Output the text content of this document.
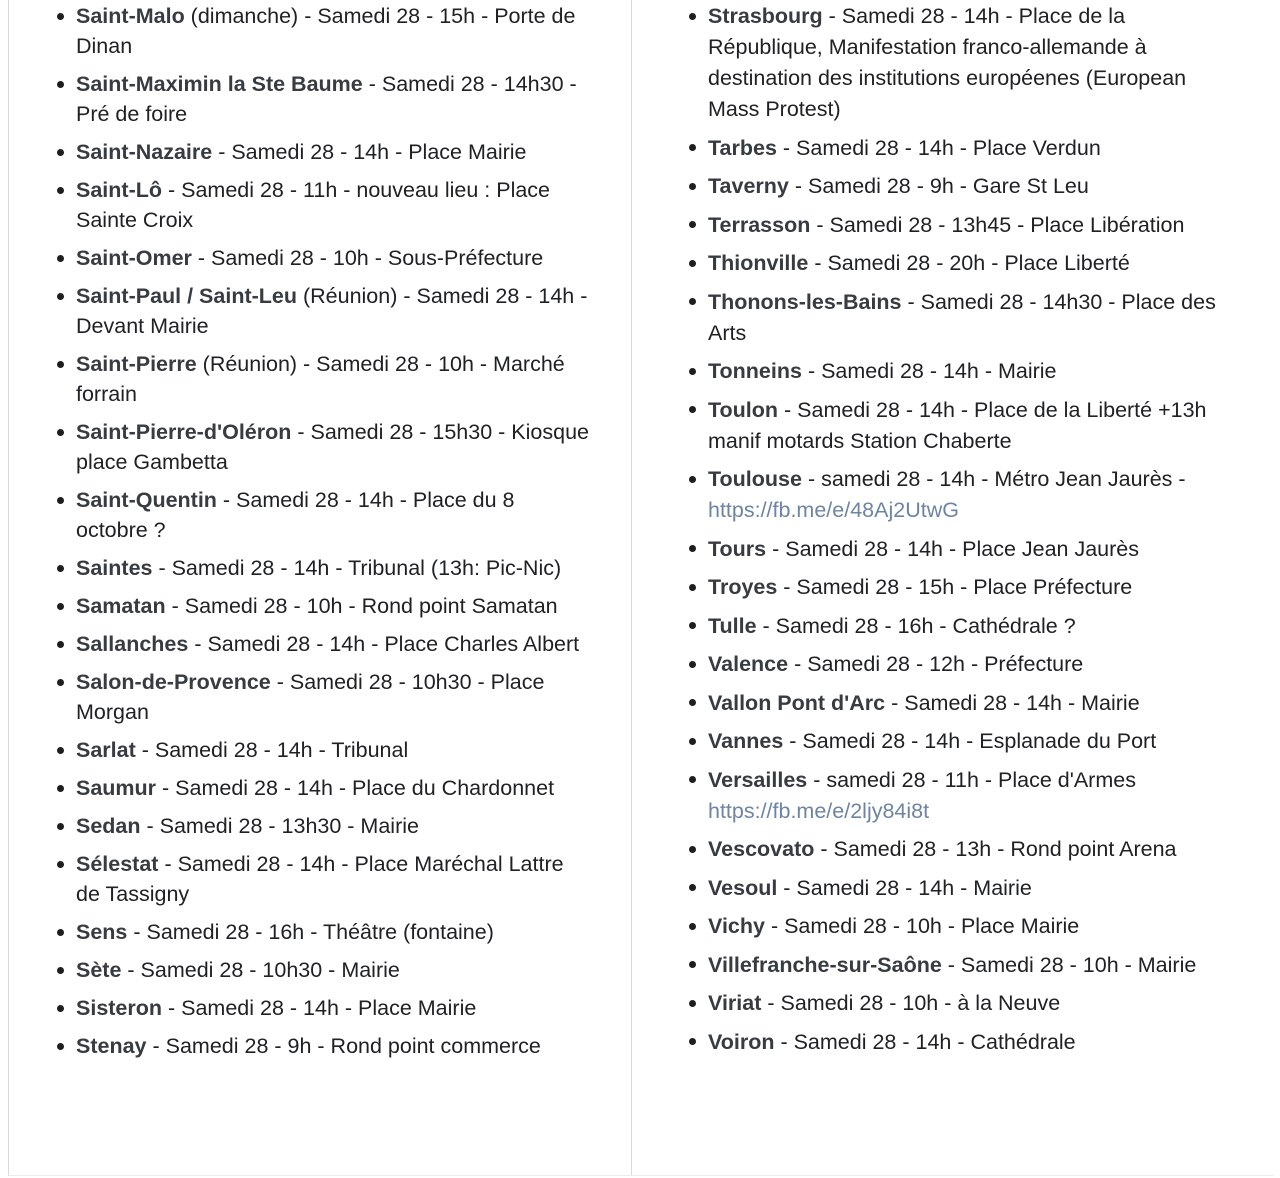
Saint-Malo (dimanche) - Samedi 28 - 15h - Porte de Dinan
Saint-Maximin la Ste Baume - Samedi 28 - 14h30 - Pré de foire
Saint-Nazaire - Samedi 28 - 14h - Place Mairie
Saint-Lô - Samedi 28 - 11h - nouveau lieu : Place Sainte Croix
Saint-Omer - Samedi 28 - 10h - Sous-Préfecture
Saint-Paul / Saint-Leu (Réunion) - Samedi 28 - 14h - Devant Mairie
Saint-Pierre (Réunion) - Samedi 28 - 10h - Marché forrain
Saint-Pierre-d'Oléron - Samedi 28 - 15h30 - Kiosque place Gambetta
Saint-Quentin - Samedi 28 - 14h - Place du 8 octobre ?
Saintes - Samedi 28 - 14h - Tribunal (13h: Pic-Nic)
Samatan - Samedi 28 - 10h - Rond point Samatan
Sallanches - Samedi 28 - 14h - Place Charles Albert
Salon-de-Provence - Samedi 28 - 10h30 - Place Morgan
Sarlat - Samedi 28 - 14h - Tribunal
Saumur - Samedi 28 - 14h - Place du Chardonnet
Sedan - Samedi 28 - 13h30 - Mairie
Sélestat - Samedi 28 - 14h - Place Maréchal Lattre de Tassigny
Sens - Samedi 28 - 16h - Théâtre (fontaine)
Sète - Samedi 28 - 10h30 - Mairie
Sisteron - Samedi 28 - 14h - Place Mairie
Stenay - Samedi 28 - 9h - Rond point commerce
Strasbourg - Samedi 28 - 14h - Place de la République, Manifestation franco-allemande à destination des institutions européenes (European Mass Protest)
Tarbes - Samedi 28 - 14h - Place Verdun
Taverny - Samedi 28 - 9h - Gare St Leu
Terrasson - Samedi 28 - 13h45 - Place Libération
Thionville - Samedi 28 - 20h - Place Liberté
Thonons-les-Bains - Samedi 28 - 14h30 - Place des Arts
Tonneins - Samedi 28 - 14h - Mairie
Toulon - Samedi 28 - 14h - Place de la Liberté +13h manif motards Station Chaberte
Toulouse - samedi 28 - 14h - Métro Jean Jaurès - https://fb.me/e/48Aj2UtwG
Tours - Samedi 28 - 14h - Place Jean Jaurès
Troyes - Samedi 28 - 15h - Place Préfecture
Tulle - Samedi 28 - 16h - Cathédrale ?
Valence - Samedi 28 - 12h - Préfecture
Vallon Pont d'Arc - Samedi 28 - 14h - Mairie
Vannes - Samedi 28 - 14h - Esplanade du Port
Versailles - samedi 28 - 11h - Place d'Armes https://fb.me/e/2ljy84i8t
Vescovato - Samedi 28 - 13h - Rond point Arena
Vesoul - Samedi 28 - 14h - Mairie
Vichy - Samedi 28 - 10h - Place Mairie
Villefranche-sur-Saône - Samedi 28 - 10h - Mairie
Viriat - Samedi 28 - 10h - à la Neuve
Voiron - Samedi 28 - 14h - Cathédrale
